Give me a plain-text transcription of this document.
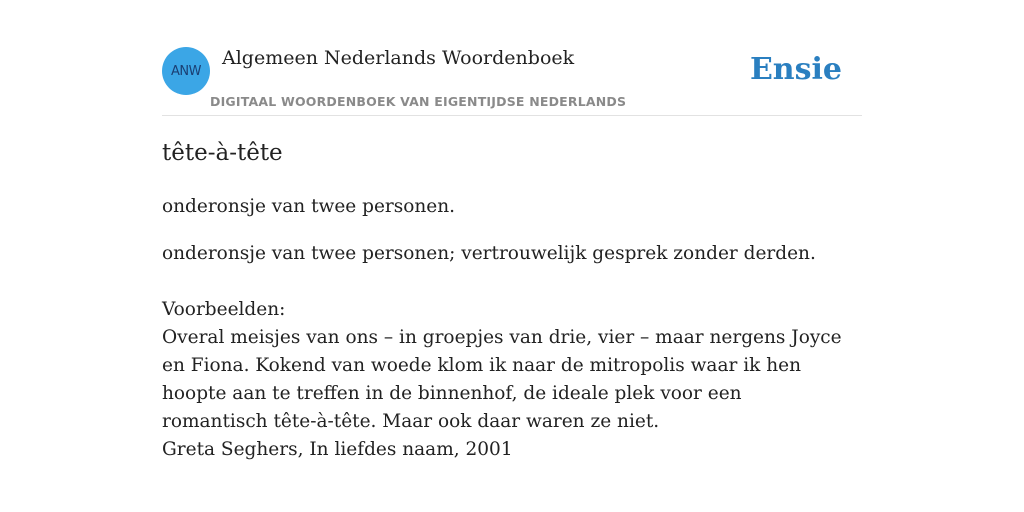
ANW
Algemeen Nederlands Woordenboek
DIGITAAL WOORDENBOEK VAN EIGENTIJDSE NEDERLANDS
Ensie
tête-à-tête

onderonsje van twee personen.

onderonsje van twee personen; vertrouwelijk gesprek zonder derden.

Voorbeelden:
Overal meisjes van ons – in groepjes van drie, vier – maar nergens Joyce en Fiona. Kokend van woede klom ik naar de mitropolis waar ik hen hoopte aan te treffen in de binnenhof, de ideale plek voor een romantisch tête-à-tête. Maar ook daar waren ze niet.
Greta Seghers, In liefdes naam, 2001
